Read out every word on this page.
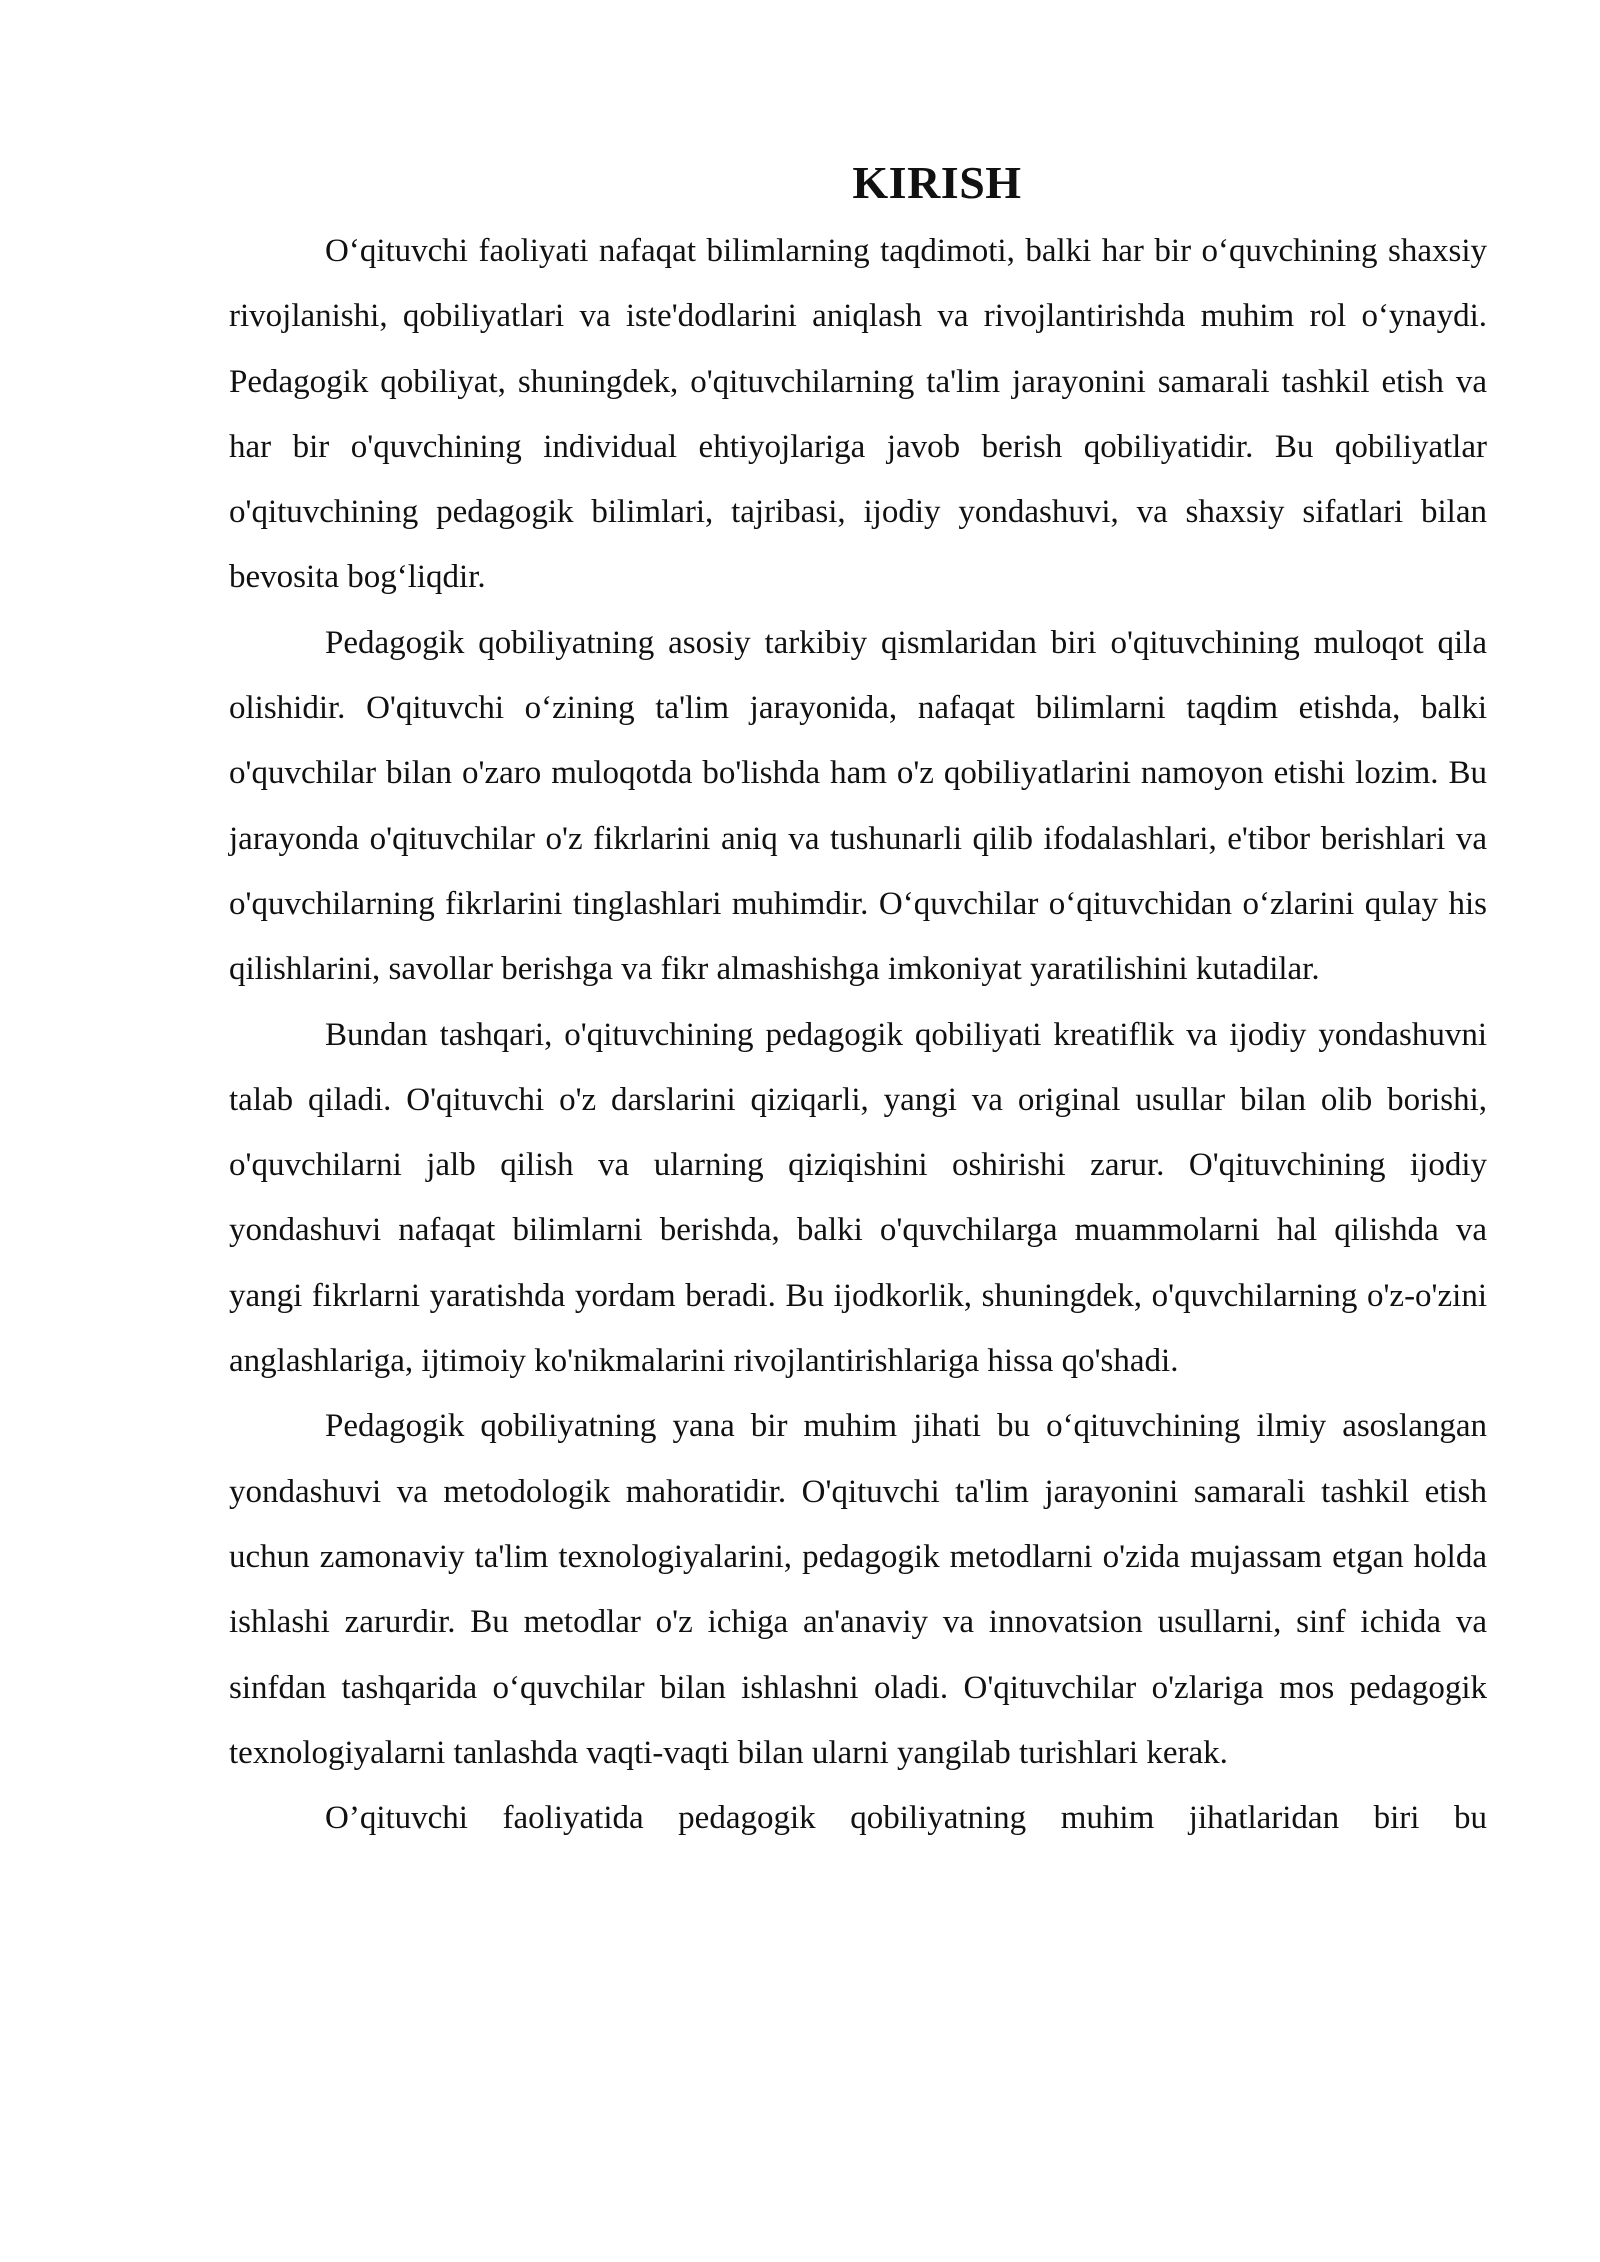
KIRISH

O‘qituvchi faoliyati nafaqat bilimlarning taqdimoti, balki har bir o‘quvchining shaxsiy rivojlanishi, qobiliyatlari va iste'dodlarini aniqlash va rivojlantirishda muhim rol o‘ynaydi. Pedagogik qobiliyat, shuningdek, o'qituvchilarning ta'lim jarayonini samarali tashkil etish va har bir o'quvchining individual ehtiyojlariga javob berish qobiliyatidir. Bu qobiliyatlar o'qituvchining pedagogik bilimlari, tajribasi, ijodiy yondashuvi, va shaxsiy sifatlari bilan bevosita bog‘liqdir.

Pedagogik qobiliyatning asosiy tarkibiy qismlaridan biri o'qituvchining muloqot qila olishidir. O'qituvchi o‘zining ta'lim jarayonida, nafaqat bilimlarni taqdim etishda, balki o'quvchilar bilan o'zaro muloqotda bo'lishda ham o'z qobiliyatlarini namoyon etishi lozim. Bu jarayonda o'qituvchilar o'z fikrlarini aniq va tushunarli qilib ifodalashlari, e'tibor berishlari va o'quvchilarning fikrlarini tinglashlari muhimdir. O‘quvchilar o‘qituvchidan o‘zlarini qulay his qilishlarini, savollar berishga va fikr almashishga imkoniyat yaratilishini kutadilar.

Bundan tashqari, o'qituvchining pedagogik qobiliyati kreatiflik va ijodiy yondashuvni talab qiladi. O'qituvchi o'z darslarini qiziqarli, yangi va original usullar bilan olib borishi, o'quvchilarni jalb qilish va ularning qiziqishini oshirishi zarur. O'qituvchining ijodiy yondashuvi nafaqat bilimlarni berishda, balki o'quvchilarga muammolarni hal qilishda va yangi fikrlarni yaratishda yordam beradi. Bu ijodkorlik, shuningdek, o'quvchilarning o'z-o'zini anglashlariga, ijtimoiy ko'nikmalarini rivojlantirishlariga hissa qo'shadi.

Pedagogik qobiliyatning yana bir muhim jihati bu o‘qituvchining ilmiy asoslangan yondashuvi va metodologik mahoratidir. O'qituvchi ta'lim jarayonini samarali tashkil etish uchun zamonaviy ta'lim texnologiyalarini, pedagogik metodlarni o'zida mujassam etgan holda ishlashi zarurdir. Bu metodlar o'z ichiga an'anaviy va innovatsion usullarni, sinf ichida va sinfdan tashqarida o‘quvchilar bilan ishlashni oladi. O'qituvchilar o'zlariga mos pedagogik texnologiyalarni tanlashda vaqti-vaqti bilan ularni yangilab turishlari kerak.

O’qituvchi faoliyatida pedagogik qobiliyatning muhim jihatlaridan biri bu
